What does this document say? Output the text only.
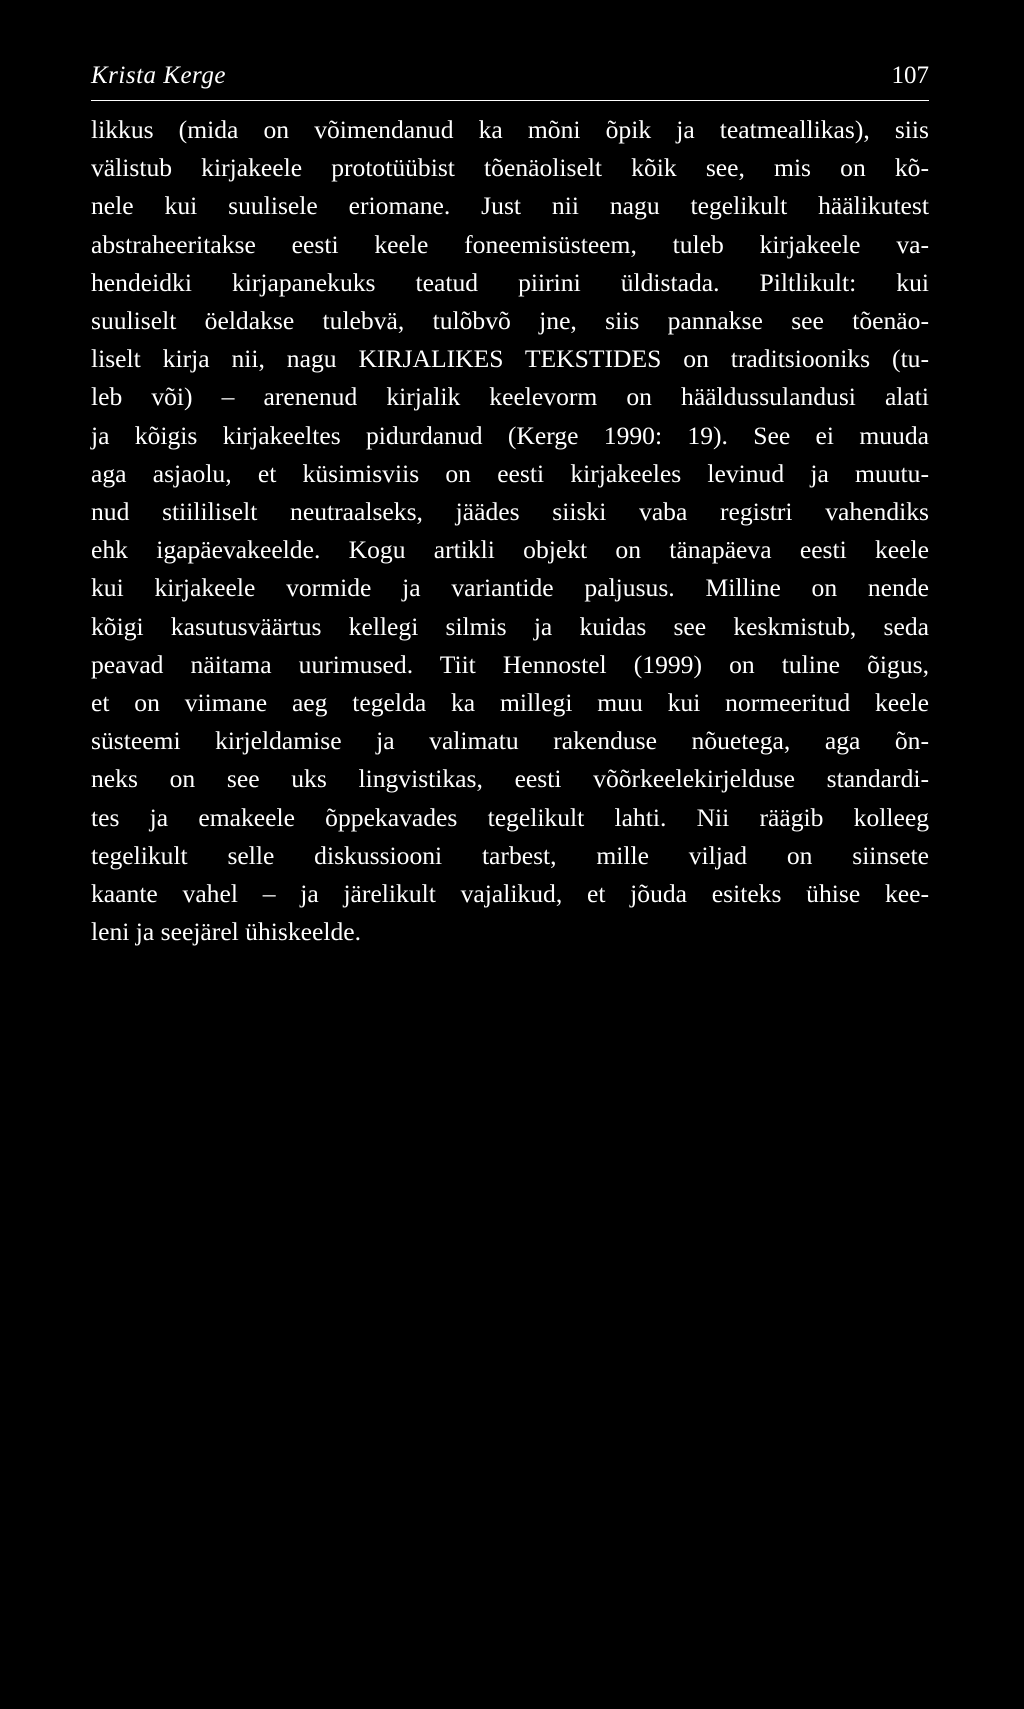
Krista Kerge	107
likkus (mida on võimendanud ka mõni õpik ja teatmeallikas), siis
välistub kirjakeele prototüübist tõenäoliselt kõik see, mis on kõ-
nele kui suulisele eriomane. Just nii nagu tegelikult häälikutest
abstraheeritakse eesti keele foneemisüsteem, tuleb kirjakeele va-
hendeidki kirjapanekuks teatud piirini üldistada. Piltlikult: kui
suuliselt öeldakse tulebvä, tulõbvõ jne, siis pannakse see tõenäo-
liselt kirja nii, nagu KIRJALIKES TEKSTIDES on traditsiooniks (tu-
leb või) – arenenud kirjalik keelevorm on hääldussulandusi alati
ja kõigis kirjakeeltes pidurdanud (Kerge 1990: 19). See ei muuda
aga asjaolu, et küsimisviis on eesti kirjakeeles levinud ja muutu-
nud stiililiselt neutraalseks, jäädes siiski vaba registri vahendiks
ehk igapäevakeelde. Kogu artikli objekt on tänapäeva eesti keele
kui kirjakeele vormide ja variantide paljusus. Milline on nende
kõigi kasutusväärtus kellegi silmis ja kuidas see keskmistub, seda
peavad näitama uurimused. Tiit Hennostel (1999) on tuline õigus,
et on viimane aeg tegelda ka millegi muu kui normeeritud keele
süsteemi kirjeldamise ja valimatu rakenduse nõuetega, aga õn-
neks on see uks lingvistikas, eesti võõrkeelekirjelduse standardi-
tes ja emakeele õppekavades tegelikult lahti. Nii räägib kolleeg
tegelikult selle diskussiooni tarbest, mille viljad on siinsete
kaante vahel – ja järelikult vajalikud, et jõuda esiteks ühise kee-
leni ja seejärel ühiskeelde.
